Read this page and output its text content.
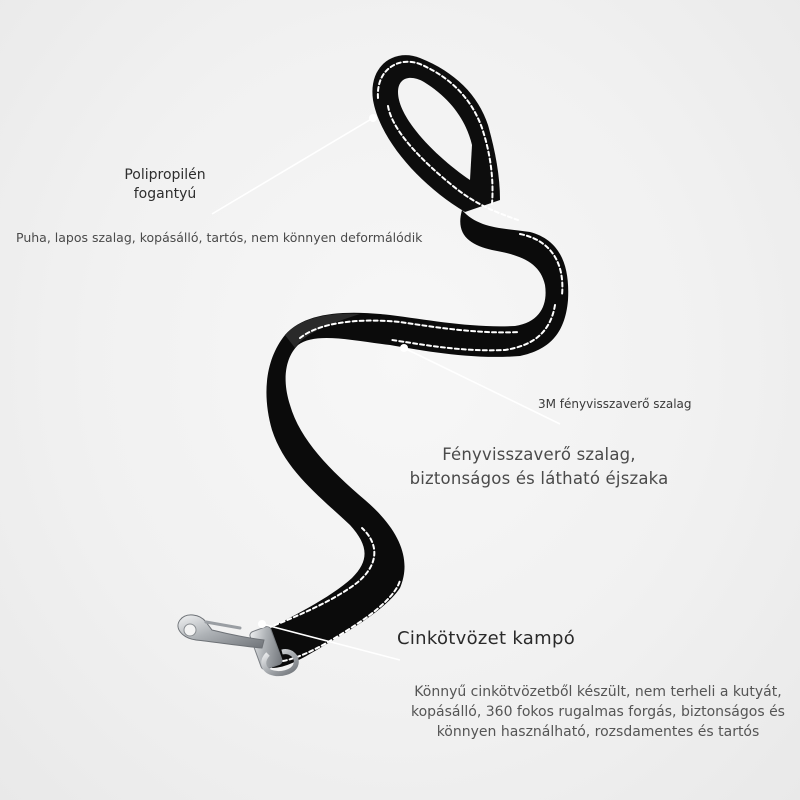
Polipropilén
fogantyú
Puha, lapos szalag, kopásálló, tartós, nem könnyen deformálódik
3M fényvisszaverő szalag
Fényvisszaverő szalag,
biztonságos és látható éjszaka
Cinkötvözet kampó
Könnyű cinkötvözetből készült, nem terheli a kutyát, kopásálló, 360 fokos rugalmas forgás, biztonságos és könnyen használható, rozsdamentes és tartós
